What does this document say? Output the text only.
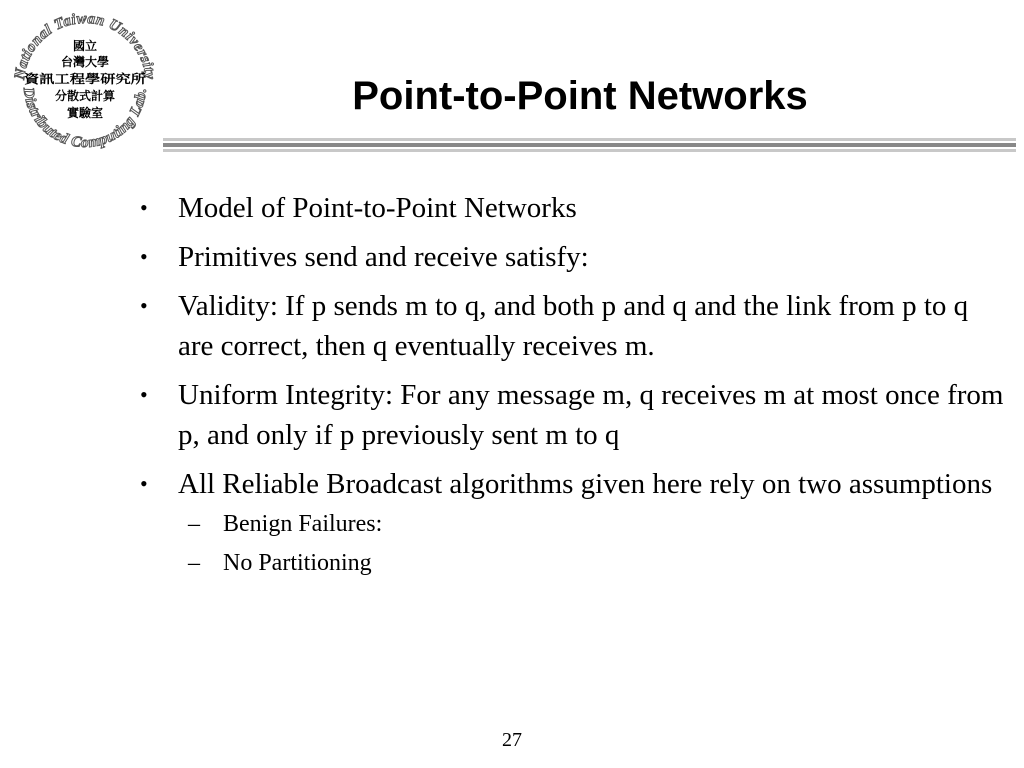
National Taiwan University
Distributed Computing Lab.
國立
台灣大學
資訊工程學研究所
分散式計算
實驗室	Point-to-Point Networks
• Model of Point-to-Point Networks
• Primitives send and receive satisfy:
• Validity: If p sends m to q, and both p and q and the link from p to q are correct, then q eventually receives m.
• Uniform Integrity: For any message m, q receives m at most once from p, and only if p previously sent m to q
• All Reliable Broadcast algorithms given here rely on two assumptions
– Benign Failures:
– No Partitioning
27
